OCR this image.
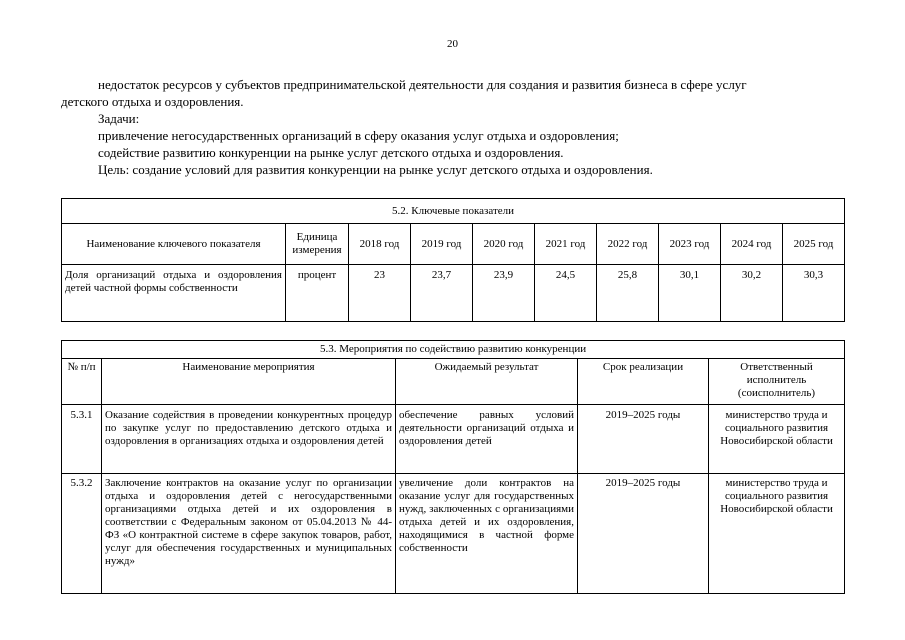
20
недостаток ресурсов у субъектов предпринимательской деятельности для создания и развития бизнеса в сфере услуг
детского отдыха и оздоровления.
Задачи:
привлечение негосударственных организаций в сферу оказания услуг отдыха и оздоровления;
содействие развитию конкуренции на рынке услуг детского отдыха и оздоровления.
Цель: создание условий для развития конкуренции на рынке услуг детского отдыха и оздоровления.
5.2. Ключевые показатели									
Наименование ключевого показателя	Единица измерения	2018 год	2019 год	2020 год	2021 год	2022 год	2023 год	2024 год	2025 год
Доля организаций отдыха и оздоровления детей частной формы собственности	процент	23	23,7	23,9	24,5	25,8	30,1	30,2	30,3
5.3. Мероприятия по содействию развитию конкуренции				
№ п/п	Наименование мероприятия	Ожидаемый результат	Срок реализации	Ответственный исполнитель (соисполнитель)
5.3.1	Оказание содействия в проведении конкурентных процедур по закупке услуг по предоставлению детского отдыха и оздоровления в организациях отдыха и оздоровления детей	обеспечение равных условий деятельности организаций отдыха и оздоровления детей	2019–2025 годы	министерство труда и социального развития Новосибирской области
5.3.2	Заключение контрактов на оказание услуг по организации отдыха и оздоровления детей с негосударственными организациями отдыха детей и их оздоровления в соответствии с Федеральным законом от 05.04.2013 № 44-ФЗ «О контрактной системе в сфере закупок товаров, работ, услуг для обеспечения государственных и муниципальных нужд»	увеличение доли контрактов на оказание услуг для государственных нужд, заключенных с организациями отдыха детей и их оздоровления, находящимися в частной форме собственности	2019–2025 годы	министерство труда и социального развития Новосибирской области
